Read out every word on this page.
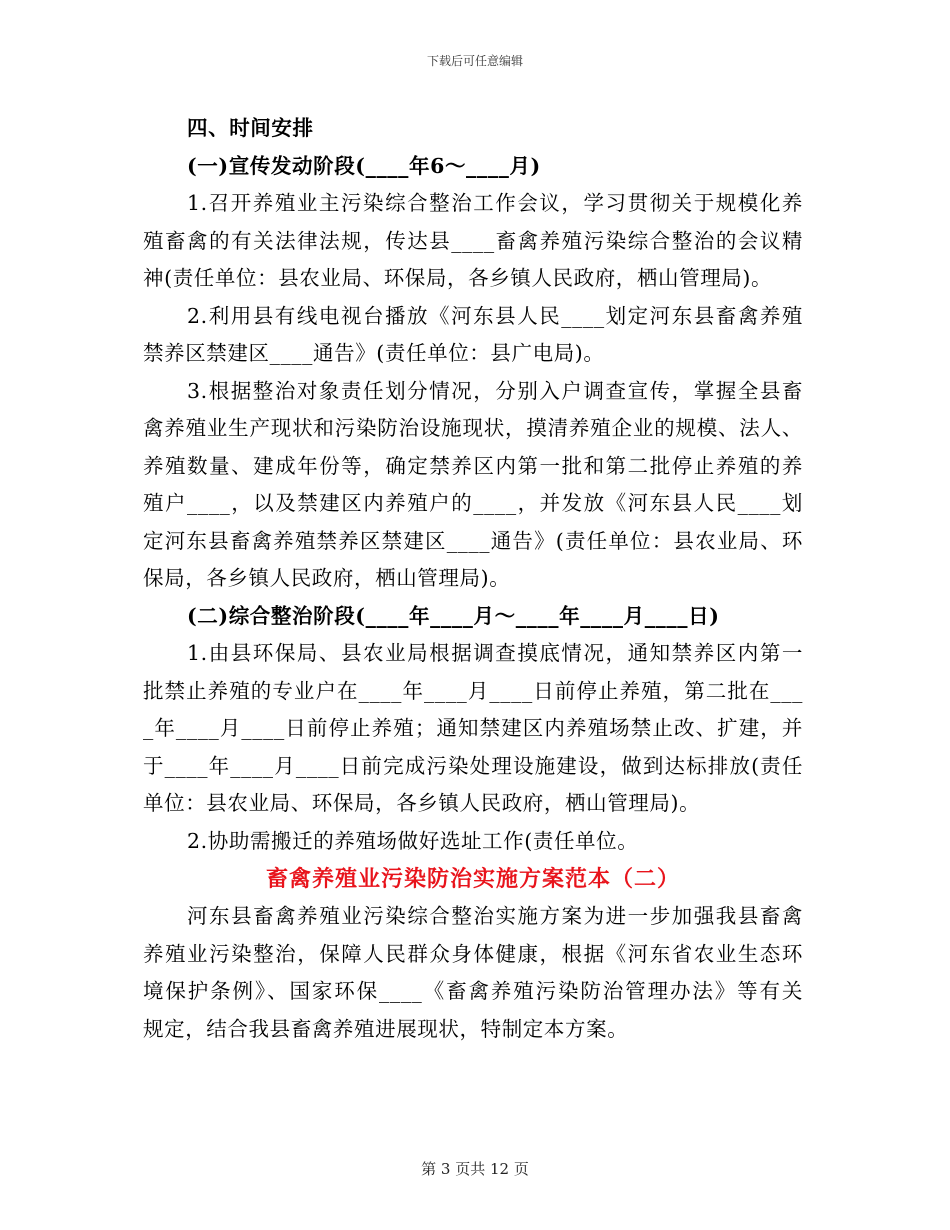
下载后可任意编辑
四、时间安排
(一)宣传发动阶段(____年6～____月)
1.召开养殖业主污染综合整治工作会议，学习贯彻关于规模化养
殖畜禽的有关法律法规，传达县____畜禽养殖污染综合整治的会议精
神(责任单位：县农业局、环保局，各乡镇人民政府，栖山管理局)。
2.利用县有线电视台播放《河东县人民____划定河东县畜禽养殖
禁养区禁建区____通告》(责任单位：县广电局)。
3.根据整治对象责任划分情况，分别入户调查宣传，掌握全县畜
禽养殖业生产现状和污染防治设施现状，摸清养殖企业的规模、法人、
养殖数量、建成年份等，确定禁养区内第一批和第二批停止养殖的养
殖户____，以及禁建区内养殖户的____，并发放《河东县人民____划
定河东县畜禽养殖禁养区禁建区____通告》(责任单位：县农业局、环
保局，各乡镇人民政府，栖山管理局)。
(二)综合整治阶段(____年____月～____年____月____日)
1.由县环保局、县农业局根据调查摸底情况，通知禁养区内第一
批禁止养殖的专业户在____年____月____日前停止养殖，第二批在___
_年____月____日前停止养殖；通知禁建区内养殖场禁止改、扩建，并
于____年____月____日前完成污染处理设施建设，做到达标排放(责任
单位：县农业局、环保局，各乡镇人民政府，栖山管理局)。
2.协助需搬迁的养殖场做好选址工作(责任单位。
畜禽养殖业污染防治实施方案范本（二）
河东县畜禽养殖业污染综合整治实施方案为进一步加强我县畜禽
养殖业污染整治，保障人民群众身体健康，根据《河东省农业生态环
境保护条例》、国家环保____《畜禽养殖污染防治管理办法》等有关
规定，结合我县畜禽养殖进展现状，特制定本方案。
第 3 页共 12 页
